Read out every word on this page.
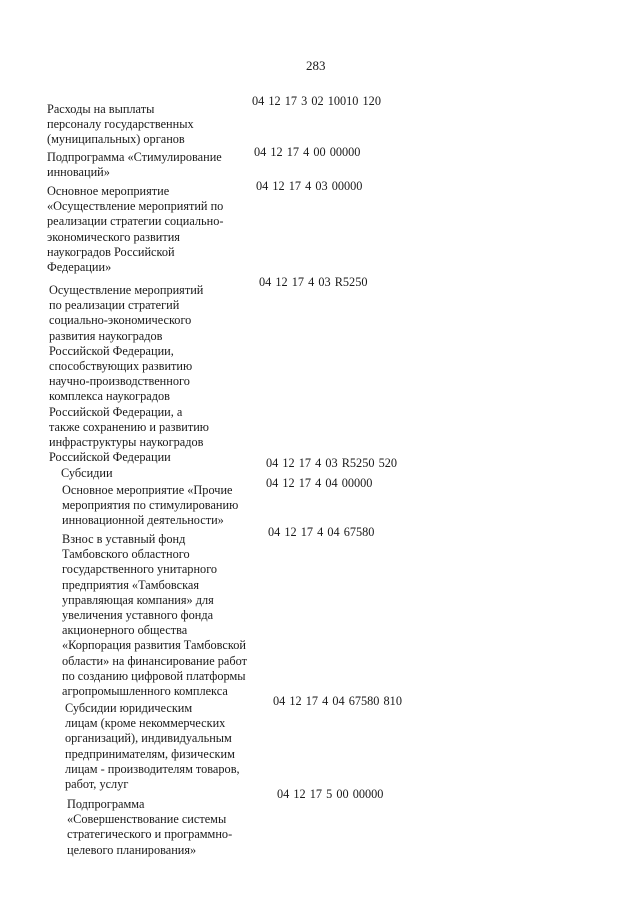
283
Расходы на выплаты
персоналу государственных
(муниципальных) органов
04 12 17 3 02 10010 120
Подпрограмма «Стимулирование
инноваций»
04 12 17 4 00 00000
Основное мероприятие
«Осуществление мероприятий по
реализации стратегии социально-
экономического развития
наукоградов Российской
Федерации»
04 12 17 4 03 00000
Осуществление мероприятий
по реализации стратегий
социально-экономического
развития наукоградов
Российской Федерации,
способствующих развитию
научно-производственного
комплекса наукоградов
Российской Федерации, а
также сохранению и развитию
инфраструктуры наукоградов
Российской Федерации
04 12 17 4 03 R5250
Субсидии
04 12 17 4 03 R5250 520
Основное мероприятие «Прочие
мероприятия по стимулированию
инновационной деятельности»
04 12 17 4 04 00000
Взнос в уставный фонд
Тамбовского областного
государственного унитарного
предприятия «Тамбовская
управляющая компания» для
увеличения уставного фонда
акционерного общества
«Корпорация развития Тамбовской
области» на финансирование работ
по созданию цифровой платформы
агропромышленного комплекса
04 12 17 4 04 67580
Субсидии юридическим
лицам (кроме некоммерческих
организаций), индивидуальным
предпринимателям, физическим
лицам - производителям товаров,
работ, услуг
04 12 17 4 04 67580 810
Подпрограмма
«Совершенствование системы
стратегического и программно-
целевого планирования»
04 12 17 5 00 00000
